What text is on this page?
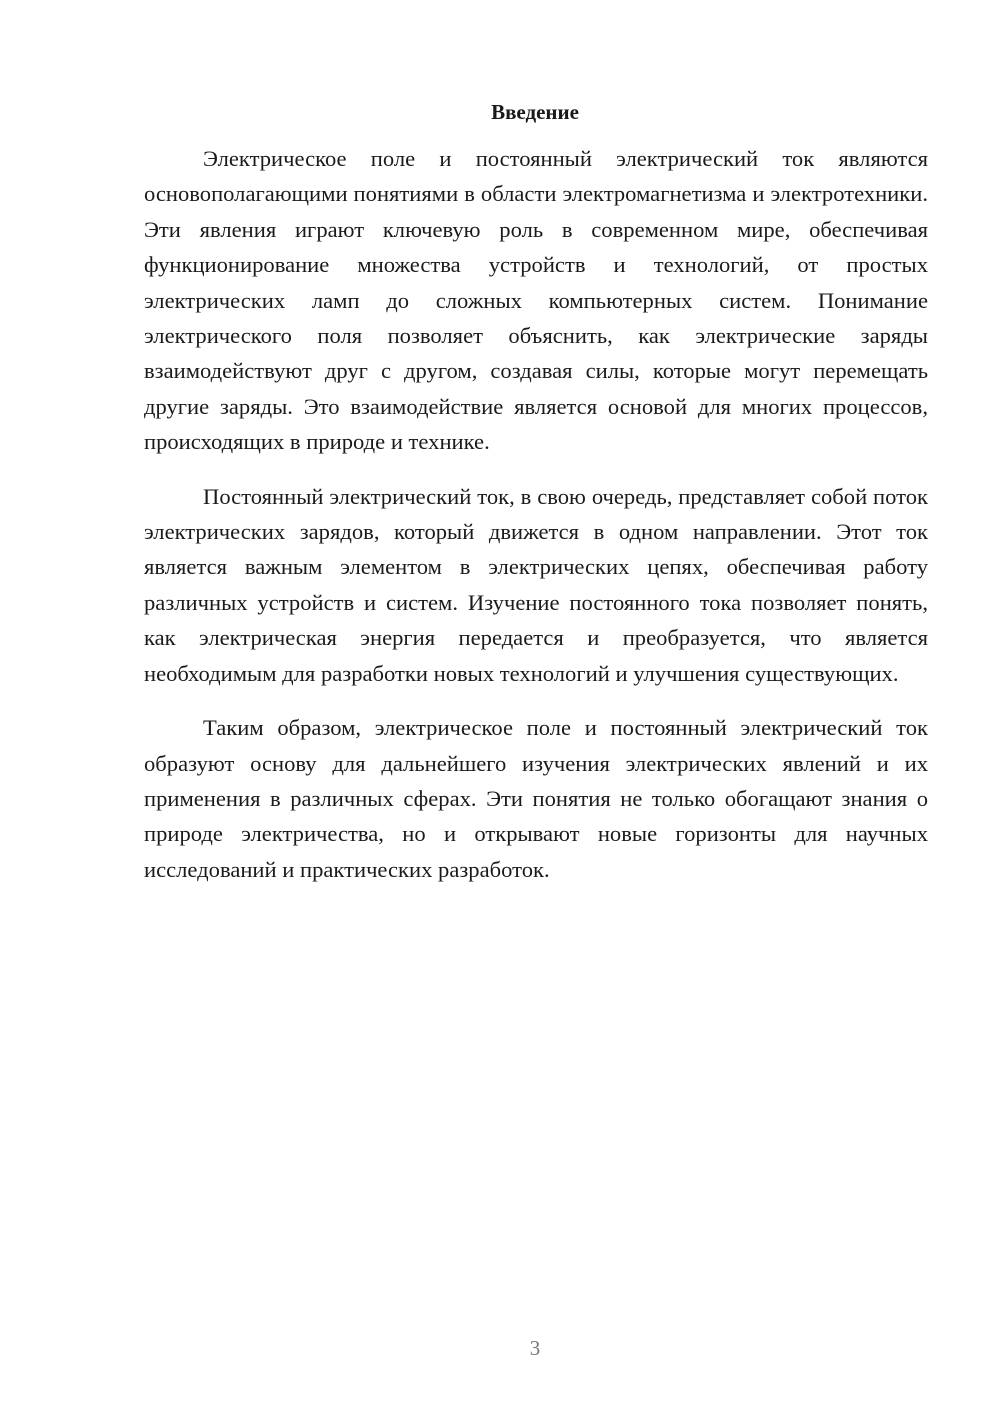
Введение

Электрическое поле и постоянный электрический ток являются основополагающими понятиями в области электромагнетизма и электротехники. Эти явления играют ключевую роль в современном мире, обеспечивая функционирование множества устройств и технологий, от простых электрических ламп до сложных компьютерных систем. Понимание электрического поля позволяет объяснить, как электрические заряды взаимодействуют друг с другом, создавая силы, которые могут перемещать другие заряды. Это взаимодействие является основой для многих процессов, происходящих в природе и технике.

Постоянный электрический ток, в свою очередь, представляет собой поток электрических зарядов, который движется в одном направлении. Этот ток является важным элементом в электрических цепях, обеспечивая работу различных устройств и систем. Изучение постоянного тока позволяет понять, как электрическая энергия передается и преобразуется, что является необходимым для разработки новых технологий и улучшения существующих.

Таким образом, электрическое поле и постоянный электрический ток образуют основу для дальнейшего изучения электрических явлений и их применения в различных сферах. Эти понятия не только обогащают знания о природе электричества, но и открывают новые горизонты для научных исследований и практических разработок.

3
